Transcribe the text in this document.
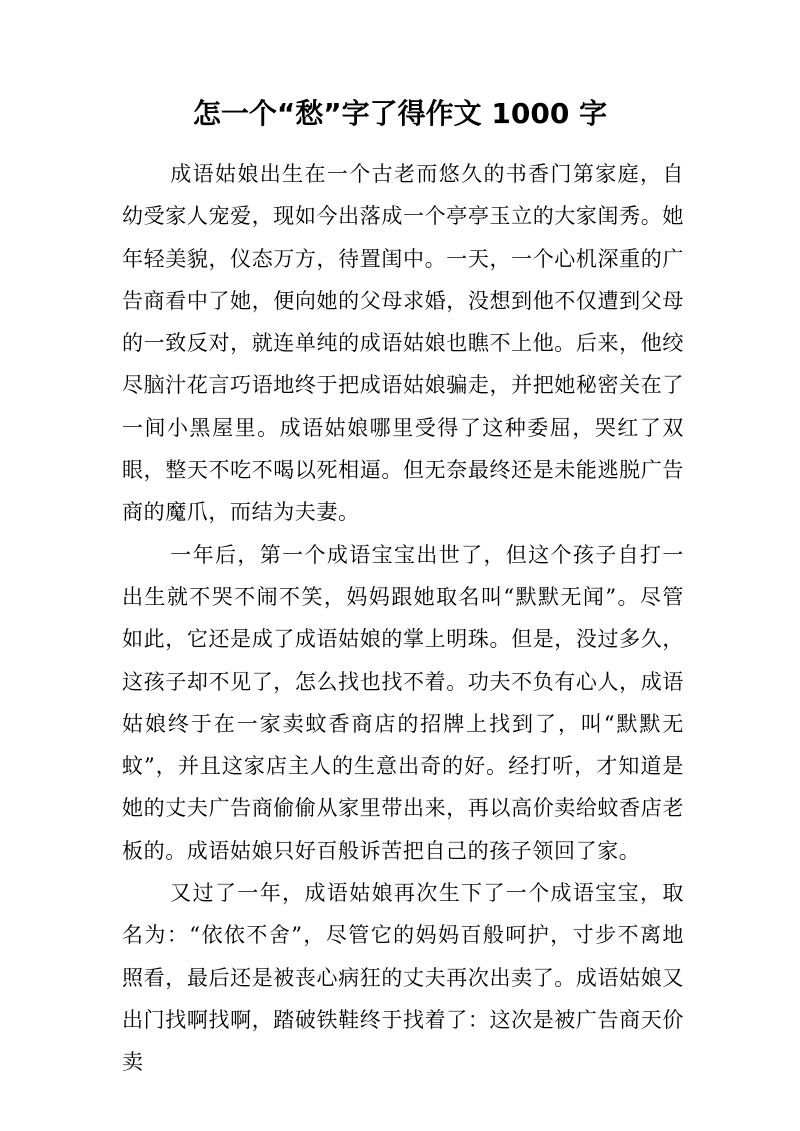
怎一个“愁”字了得作文 1000 字

成语姑娘出生在一个古老而悠久的书香门第家庭，自幼受家人宠爱，现如今出落成一个亭亭玉立的大家闺秀。她年轻美貌，仪态万方，待置闺中。一天，一个心机深重的广告商看中了她，便向她的父母求婚，没想到他不仅遭到父母的一致反对，就连单纯的成语姑娘也瞧不上他。后来，他绞尽脑汁花言巧语地终于把成语姑娘骗走，并把她秘密关在了一间小黑屋里。成语姑娘哪里受得了这种委屈，哭红了双眼，整天不吃不喝以死相逼。但无奈最终还是未能逃脱广告商的魔爪，而结为夫妻。

一年后，第一个成语宝宝出世了，但这个孩子自打一出生就不哭不闹不笑，妈妈跟她取名叫“默默无闻”。尽管如此，它还是成了成语姑娘的掌上明珠。但是，没过多久，这孩子却不见了，怎么找也找不着。功夫不负有心人，成语姑娘终于在一家卖蚊香商店的招牌上找到了，叫“默默无蚊”，并且这家店主人的生意出奇的好。经打听，才知道是她的丈夫广告商偷偷从家里带出来，再以高价卖给蚊香店老板的。成语姑娘只好百般诉苦把自己的孩子领回了家。

又过了一年，成语姑娘再次生下了一个成语宝宝，取名为：“依依不舍”，尽管它的妈妈百般呵护，寸步不离地照看，最后还是被丧心病狂的丈夫再次出卖了。成语姑娘又出门找啊找啊，踏破铁鞋终于找着了：这次是被广告商天价卖
